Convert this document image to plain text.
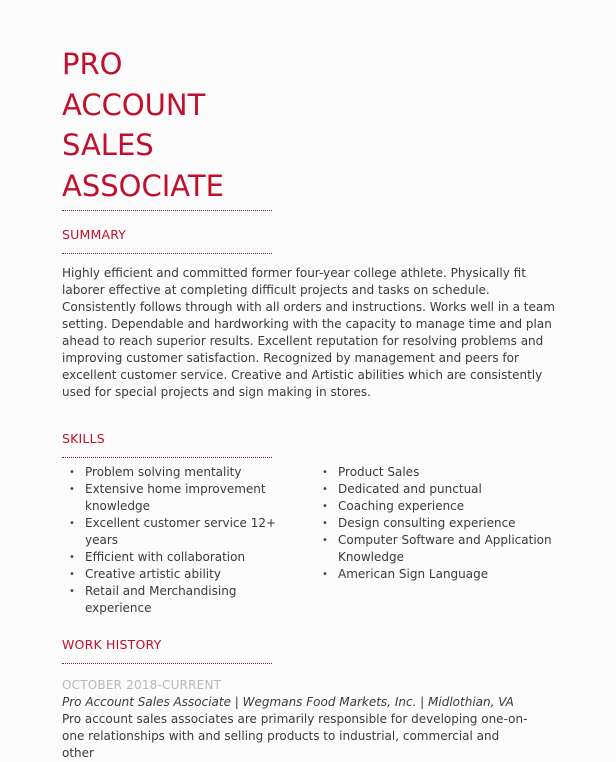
PRO
ACCOUNT
SALES
ASSOCIATE
SUMMARY

Highly efficient and committed former four-year college athlete. Physically fit laborer effective at completing difficult projects and tasks on schedule. Consistently follows through with all orders and instructions. Works well in a team setting. Dependable and hardworking with the capacity to manage time and plan ahead to reach superior results. Excellent reputation for resolving problems and improving customer satisfaction. Recognized by management and peers for excellent customer service. Creative and Artistic abilities which are consistently used for special projects and sign making in stores.

SKILLS
• Problem solving mentality
• Extensive home improvement knowledge
• Excellent customer service 12+ years
• Efficient with collaboration
• Creative artistic ability
• Retail and Merchandising experience
• Product Sales
• Dedicated and punctual
• Coaching experience
• Design consulting experience
• Computer Software and Application Knowledge
• American Sign Language
WORK HISTORY
OCTOBER 2018-CURRENT
Pro Account Sales Associate | Wegmans Food Markets, Inc. | Midlothian, VA
Pro account sales associates are primarily responsible for developing one-on-one relationships with and selling products to industrial, commercial and other
